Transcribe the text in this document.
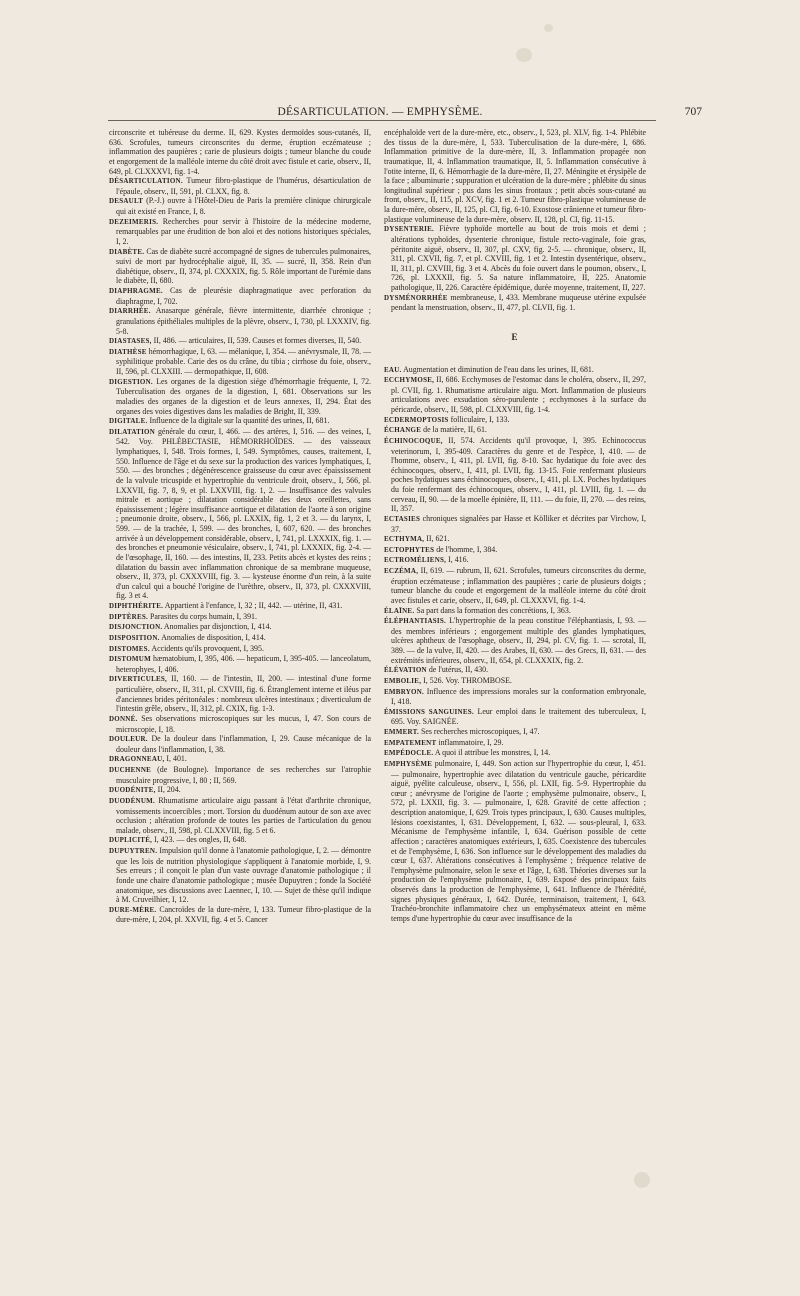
DÉSARTICULATION. — EMPHYSÈME.	707

circonscrite et tubéreuse du derme. II, 629. Kystes dermoïdes sous-cutanés, II, 636. Scrofules, tumeurs circonscrites du derme, éruption eczémateuse ; inflammation des paupières ; carie de plusieurs doigts ; tumeur blanche du coude et engorgement de la malléole interne du côté droit avec fistule et carie, observ., II, 649, pl. CLXXXVI, fig. 1-4.

DÉSARTICULATION. Tumeur fibro-plastique de l'humérus, désarticulation de l'épaule, observ., II, 591, pl. CLXX, fig. 8.

DESAULT (P.-J.) ouvre à l'Hôtel-Dieu de Paris la première clinique chirurgicale qui ait existé en France, I, 8.

DEZEIMERIS. Recherches pour servir à l'histoire de la médecine moderne, remarquables par une érudition de bon aloi et des notions historiques spéciales, I, 2.

DIABÈTE. Cas de diabète sucré accompagné de signes de tubercules pulmonaires, suivi de mort par hydrocéphalie aiguë, II, 35. — sucré, II, 358. Rein d'un diabétique, observ., II, 374, pl. CXXXIX, fig. 5. Rôle important de l'urémie dans le diabète, II, 680.

DIAPHRAGME. Cas de pleurésie diaphragmatique avec perforation du diaphragme, I, 702.

DIARRHÉE. Anasarque générale, fièvre intermittente, diarrhée chronique ; granulations épithéliales multiples de la plèvre, observ., I, 730, pl. LXXXIV, fig. 5-8.

DIASTASES, II, 486. — articulaires, II, 539. Causes et formes diverses, II, 540.

DIATHÈSE hémorrhagique, I, 63. — mélanique, I, 354. — anévrysmale, II, 78. — syphilitique probable. Carie des os du crâne, du tibia ; cirrhose du foie, observ., II, 596, pl. CLXXIII. — dermopathique, II, 608.

DIGESTION. Les organes de la digestion siége d'hémorrhagie fréquente, I, 72. Tuberculisation des organes de la digestion, I, 681. Observations sur les maladies des organes de la digestion et de leurs annexes, II, 294. État des organes des voies digestives dans les maladies de Bright, II, 339.

DIGITALE. Influence de la digitale sur la quantité des urines, II, 681.

DILATATION générale du cœur, I, 466. — des artères, I, 516. — des veines, I, 542. Voy. PHLÉBECTASIE, HÉMORRHOÏDES. — des vaisseaux lymphatiques, I, 548. Trois formes, I, 549. Symptômes, causes, traitement, I, 550. Influence de l'âge et du sexe sur la production des varices lymphatiques, I, 550. — des bronches ; dégénérescence graisseuse du cœur avec épaississement de la valvule tricuspide et hypertrophie du ventricule droit, observ., I, 566, pl. LXXVII, fig. 7, 8, 9, et pl. LXXVIII, fig. 1, 2. — Insuffisance des valvules mitrale et aortique ; dilatation considérable des deux oreillettes, sans épaississement ; légère insuffisance aortique et dilatation de l'aorte à son origine ; pneumonie droite, observ., I, 566, pl. LXXIX, fig. 1, 2 et 3. — du larynx, I, 599. — de la trachée, I, 599. — des bronches, I, 607, 620. — des bronches arrivée à un développement considérable, observ., I, 741, pl. LXXXIX, fig. 1. — des bronches et pneumonie vésiculaire, observ., I, 741, pl. LXXXIX, fig. 2-4. — de l'œsophage, II, 160. — des intestins, II, 233. Petits abcès et kystes des reins ; dilatation du bassin avec inflammation chronique de sa membrane muqueuse, observ., II, 373, pl. CXXXVIII, fig. 3. — kysteuse énorme d'un rein, à la suite d'un calcul qui a bouché l'origine de l'urèthre, observ., II, 373, pl. CXXXVIII, fig. 3 et 4.

DIPHTHÉRITE. Appartient à l'enfance, I, 32 ; II, 442. — utérine, II, 431.

DIPTÈRES. Parasites du corps humain, I, 391.

DISJONCTION. Anomalies par disjonction, I, 414.

DISPOSITION. Anomalies de disposition, I, 414.

DISTOMES. Accidents qu'ils provoquent, I, 395.

DISTOMUM hæmatobium, I, 395, 406. — hepaticum, I, 395-405. — lanceolatum, heterophyes, I, 406.

DIVERTICULES, II, 160. — de l'intestin, II, 200. — intestinal d'une forme particulière, observ., II, 311, pl. CXVIII, fig. 6. Étranglement interne et iléus par d'anciennes brides péritonéales : nombreux ulcères intestinaux ; diverticulum de l'intestin grêle, observ., II, 312, pl. CXIX, fig. 1-3.

DONNÉ. Ses observations microscopiques sur les mucus, I, 47. Son cours de microscopie, I, 18.

DOULEUR. De la douleur dans l'inflammation, I, 29. Cause mécanique de la douleur dans l'inflammation, I, 38.

DRAGONNEAU, I, 401.

DUCHENNE (de Boulogne). Importance de ses recherches sur l'atrophie musculaire progressive, I, 80 ; II, 569.

DUODÉNITE, II, 204.

DUODÉNUM. Rhumatisme articulaire aigu passant à l'état d'arthrite chronique, vomissements incoercibles ; mort. Torsion du duodénum autour de son axe avec occlusion ; altération profonde de toutes les parties de l'articulation du genou malade, observ., II, 598, pl. CLXXVIII, fig. 5 et 6.

DUPLICITÉ, I, 423. — des ongles, II, 648.

DUPUYTREN. Impulsion qu'il donne à l'anatomie pathologique, I, 2. — démontre que les lois de nutrition physiologique s'appliquent à l'anatomie morbide, I, 9. Ses erreurs ; il conçoit le plan d'un vaste ouvrage d'anatomie pathologique ; il fonde une chaire d'anatomie pathologique ; musée Dupuytren ; fonde la Société anatomique, ses discussions avec Laennec, I, 10. — Sujet de thèse qu'il indique à M. Cruveilhier, I, 12.

DURE-MÈRE. Cancroïdes de la dure-mère, I, 133. Tumeur fibro-plastique de la dure-mère, I, 204, pl. XXVII, fig. 4 et 5. Cancer

encéphaloïde vert de la dure-mère, etc., observ., I, 523, pl. XLV, fig. 1-4. Phlébite des tissus de la dure-mère, I, 533. Tuberculisation de la dure-mère, I, 686. Inflammation primitive de la dure-mère, II, 3. Inflammation propagée non traumatique, II, 4. Inflammation traumatique, II, 5. Inflammation consécutive à l'otite interne, II, 6. Hémorrhagie de la dure-mère, II, 27. Méningite et érysipèle de la face ; albuminurie ; suppuration et ulcération de la dure-mère ; phlébite du sinus longitudinal supérieur ; pus dans les sinus frontaux ; petit abcès sous-cutané au front, observ., II, 115, pl. XCV, fig. 1 et 2. Tumeur fibro-plastique volumineuse de la dure-mère, observ., II, 125, pl. CI, fig. 6-10. Exostose crânienne et tumeur fibro-plastique volumineuse de la dure-mère, observ. II, 128, pl. CI, fig. 11-15.

DYSENTERIE. Fièvre typhoïde mortelle au bout de trois mois et demi ; altérations typhoïdes, dysenterie chronique, fistule recto-vaginale, foie gras, péritonite aiguë, observ., II, 307, pl. CXV, fig. 2-5. — chronique, observ., II, 311, pl. CXVII, fig. 7, et pl. CXVIII, fig. 1 et 2. Intestin dysentérique, observ., II, 311, pl. CXVIII, fig. 3 et 4. Abcès du foie ouvert dans le poumon, observ., I, 726, pl. LXXXII, fig. 5. Sa nature inflammatoire, II, 225. Anatomie pathologique, II, 226. Caractère épidémique, durée moyenne, traitement, II, 227.

DYSMÉNORRHÉE membraneuse, I, 433. Membrane muqueuse utérine expulsée pendant la menstruation, observ., II, 477, pl. CLVII, fig. 1.

E

EAU. Augmentation et diminution de l'eau dans les urines, II, 681.

ECCHYMOSE, II, 686. Ecchymoses de l'estomac dans le choléra, observ., II, 297, pl. CVII, fig. 1. Rhumatisme articulaire aigu. Mort. Inflammation de plusieurs articulations avec exsudation séro-purulente ; ecchymoses à la surface du péricarde, observ., II, 598, pl. CLXXVIII, fig. 1-4.

ECDERMOPTOSIS folliculaire, I, 133.

ÉCHANGE de la matière, II, 61.

ÉCHINOCOQUE, II, 574. Accidents qu'il provoque, I, 395. Echinococcus veterinorum, I, 395-409. Caractères du genre et de l'espèce, I, 410. — de l'homme, observ., I, 411, pl. LVII, fig. 8-10. Sac hydatique du foie avec des échinocoques, observ., I, 411, pl. LVII, fig. 13-15. Foie renfermant plusieurs poches hydatiques sans échinocoques, observ., I, 411, pl. LX. Poches hydatiques du foie renfermant des échinocoques, observ., I, 411, pl. LVIII, fig. 1. — du cerveau, II, 90. — de la moelle épinière, II, 111. — du foie, II, 270. — des reins, II, 357.

ECTASIES chroniques signalées par Hasse et Kölliker et décrites par Virchow, I, 37.

ECTHYMA, II, 621.

ECTOPHYTES de l'homme, I, 384.

ECTROMÉLIENS, I, 416.

ECZÉMA, II, 619. — rubrum, II, 621. Scrofules, tumeurs circonscrites du derme, éruption eczémateuse ; inflammation des paupières ; carie de plusieurs doigts ; tumeur blanche du coude et engorgement de la malléole interne du côté droit avec fistules et carie, observ., II, 649, pl. CLXXXVI, fig. 1-4.

ÉLAÏNE. Sa part dans la formation des concrétions, I, 363.

ÉLÉPHANTIASIS. L'hypertrophie de la peau constitue l'éléphantiasis, I, 93. — des membres inférieurs ; engorgement multiple des glandes lymphatiques, ulcères aphtheux de l'œsophage, observ., II, 294, pl. CV, fig. 1. — scrotal, II, 389. — de la vulve, II, 420. — des Arabes, II, 630. — des Grecs, II, 631. — des extrémités inférieures, observ., II, 654, pl. CLXXXIX, fig. 2.

ÉLÉVATION de l'utérus, II, 430.

EMBOLIE, I, 526. Voy. THROMBOSE.

EMBRYON. Influence des impressions morales sur la conformation embryonale, I, 418.

ÉMISSIONS SANGUINES. Leur emploi dans le traitement des tuberculeux, I, 695. Voy. SAIGNÉE.

EMMERT. Ses recherches microscopiques, I, 47.

EMPATEMENT inflammatoire, I, 29.

EMPÉDOCLE. A quoi il attribue les monstres, I, 14.

EMPHYSÈME pulmonaire, I, 449. Son action sur l'hypertrophie du cœur, I, 451. — pulmonaire, hypertrophie avec dilatation du ventricule gauche, péricardite aiguë, pyélite calculeuse, observ., I, 556, pl. LXII, fig. 5-9. Hypertrophie du cœur ; anévrysme de l'origine de l'aorte ; emphysème pulmonaire, observ., I, 572, pl. LXXII, fig. 3. — pulmonaire, I, 628. Gravité de cette affection ; description anatomique, I, 629. Trois types principaux, I, 630. Causes multiples, lésions coexistantes, I, 631. Développement, I, 632. — sous-pleural, I, 633. Mécanisme de l'emphysème infantile, I, 634. Guérison possible de cette affection ; caractères anatomiques extérieurs, I, 635. Coexistence des tubercules et de l'emphysème, I, 636. Son influence sur le développement des maladies du cœur I, 637. Altérations consécutives à l'emphysème ; fréquence relative de l'emphysème pulmonaire, selon le sexe et l'âge, I, 638. Théories diverses sur la production de l'emphysème pulmonaire, I, 639. Exposé des principaux faits observés dans la production de l'emphysème, I, 641. Influence de l'hérédité, signes physiques généraux, I, 642. Durée, terminaison, traitement, I, 643. Trachéo-bronchite inflammatoire chez un emphysémateux atteint en même temps d'une hypertrophie du cœur avec insuffisance de la
